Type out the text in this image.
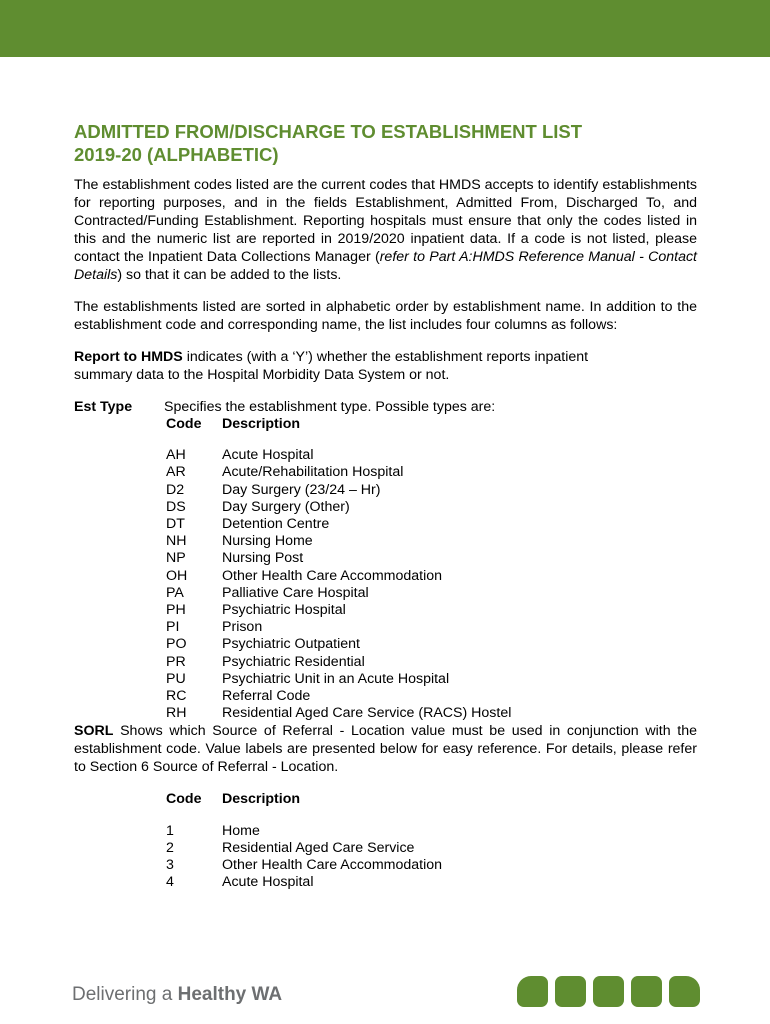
ADMITTED FROM/DISCHARGE TO ESTABLISHMENT LIST
2019-20 (ALPHABETIC)

The establishment codes listed are the current codes that HMDS accepts to identify establishments for reporting purposes, and in the fields Establishment, Admitted From, Discharged To, and Contracted/Funding Establishment. Reporting hospitals must ensure that only the codes listed in this and the numeric list are reported in 2019/2020 inpatient data. If a code is not listed, please contact the Inpatient Data Collections Manager (refer to Part A:HMDS Reference Manual - Contact Details) so that it can be added to the lists.

The establishments listed are sorted in alphabetic order by establishment name. In addition to the establishment code and corresponding name, the list includes four columns as follows:

Report to HMDS indicates (with a ‘Y’) whether the establishment reports inpatient summary data to the Hospital Morbidity Data System or not.

Est Type Specifies the establishment type. Possible types are:
Code	Description
AH	Acute Hospital
AR	Acute/Rehabilitation Hospital
D2	Day Surgery (23/24 – Hr)
DS	Day Surgery (Other)
DT	Detention Centre
NH	Nursing Home
NP	Nursing Post
OH	Other Health Care Accommodation
PA	Palliative Care Hospital
PH	Psychiatric Hospital
PI	Prison
PO	Psychiatric Outpatient
PR	Psychiatric Residential
PU	Psychiatric Unit in an Acute Hospital
RC	Referral Code
RH	Residential Aged Care Service (RACS) Hostel

SORL Shows which Source of Referral - Location value must be used in conjunction with the establishment code. Value labels are presented below for easy reference. For details, please refer to Section 6 Source of Referral - Location.

Code	Description
1	Home
2	Residential Aged Care Service
3	Other Health Care Accommodation
4	Acute Hospital
Delivering a Healthy WA
